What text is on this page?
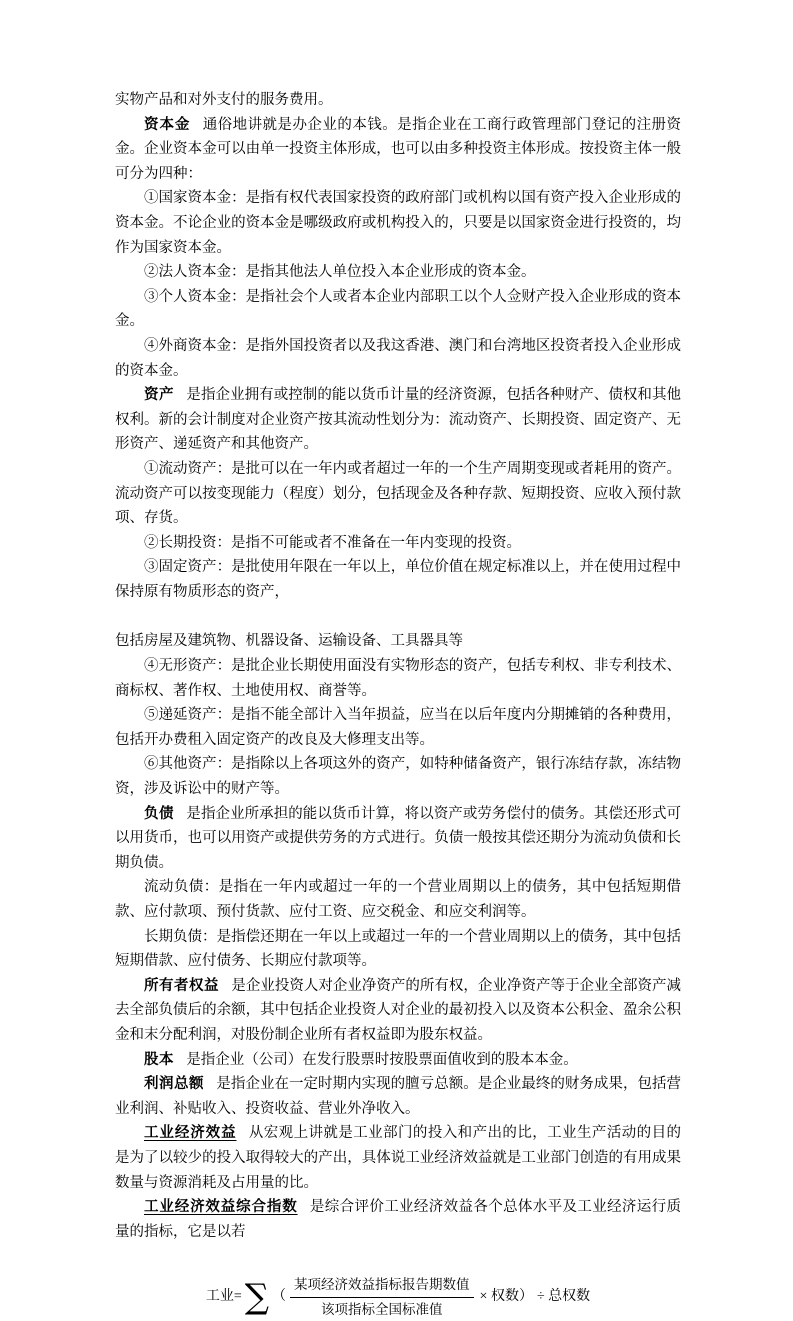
实物产品和对外支付的服务费用。

资本金 通俗地讲就是办企业的本钱。是指企业在工商行政管理部门登记的注册资金。企业资本金可以由单一投资主体形成，也可以由多种投资主体形成。按投资主体一般可分为四种：

①国家资本金：是指有权代表国家投资的政府部门或机构以国有资产投入企业形成的资本金。不论企业的资本金是哪级政府或机构投入的，只要是以国家资金进行投资的，均作为国家资本金。

②法人资本金：是指其他法人单位投入本企业形成的资本金。

③个人资本金：是指社会个人或者本企业内部职工以个人佥财产投入企业形成的资本金。

④外商资本金：是指外国投资者以及我这香港、澳门和台湾地区投资者投入企业形成的资本金。

资产 是指企业拥有或控制的能以货币计量的经济资源，包括各种财产、债权和其他权利。新的会计制度对企业资产按其流动性划分为：流动资产、长期投资、固定资产、无形资产、递延资产和其他资产。

①流动资产：是批可以在一年内或者超过一年的一个生产周期变现或者耗用的资产。流动资产可以按变现能力（程度）划分，包括现金及各种存款、短期投资、应收入预付款项、存货。

②长期投资：是指不可能或者不准备在一年内变现的投资。

③固定资产：是批使用年限在一年以上，单位价值在规定标准以上，并在使用过程中保持原有物质形态的资产，

包括房屋及建筑物、机器设备、运输设备、工具器具等

④无形资产：是批企业长期使用面没有实物形态的资产，包括专利权、非专利技术、商标权、著作权、土地使用权、商誉等。

⑤递延资产：是指不能全部计入当年损益，应当在以后年度内分期摊销的各种费用，包括开办费租入固定资产的改良及大修理支出等。

⑥其他资产：是指除以上各项这外的资产，如特种储备资产，银行冻结存款，冻结物资，涉及诉讼中的财产等。

负债 是指企业所承担的能以货币计算，将以资产或劳务偿付的债务。其偿还形式可以用货币，也可以用资产或提供劳务的方式进行。负债一般按其偿还期分为流动负债和长期负债。

流动负债：是指在一年内或超过一年的一个营业周期以上的债务，其中包括短期借款、应付款项、预付货款、应付工资、应交税金、和应交利润等。

长期负债：是指偿还期在一年以上或超过一年的一个营业周期以上的债务，其中包括短期借款、应付债务、长期应付款项等。

所有者权益 是企业投资人对企业净资产的所有权，企业净资产等于企业全部资产减去全部负债后的余额，其中包括企业投资人对企业的最初投入以及资本公积金、盈余公积金和末分配利润，对股份制企业所有者权益即为股东权益。

股本 是指企业（公司）在发行股票时按股票面值收到的股本本金。

利润总额 是指企业在一定时期内实现的膻亏总额。是企业最终的财务成果，包括营业利润、补贴收入、投资收益、营业外净收入。

工业经济效益 从宏观上讲就是工业部门的投入和产出的比，工业生产活动的目的是为了以较少的投入取得较大的产出，具体说工业经济效益就是工业部门创造的有用成果数量与资源消耗及占用量的比。

工业经济效益综合指数 是综合评价工业经济效益各个总体水平及工业经济运行质量的指标，它是以若

工业= ∑ （ $\frac{\text{某项经济效益指标报告期数值}}{\text{该项指标全国标准值}}$ × 权数） ÷ 总权数
